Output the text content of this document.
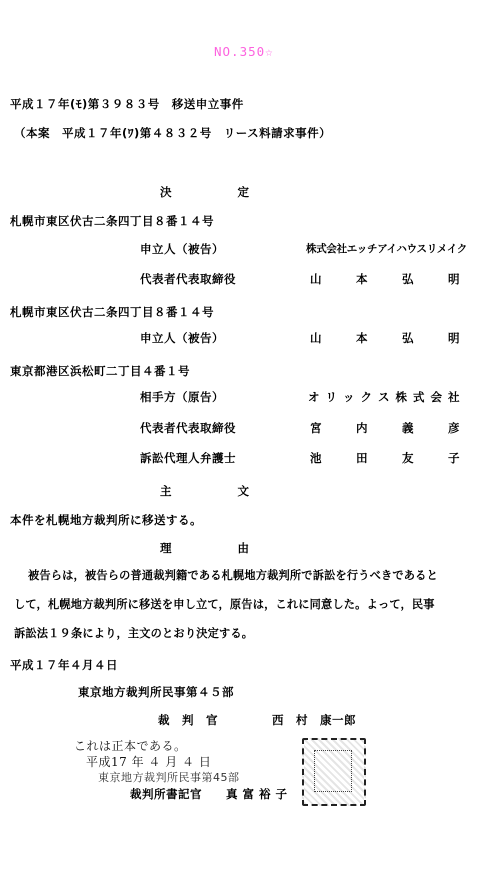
NO.350☆
平成１７年(ﾓ)第３９８３号　移送申立事件
（本案　平成１７年(ﾜ)第４８３２号　リース料請求事件）
決　　　　定
札幌市東区伏古二条四丁目８番１４号
申立人（被告）	株式会社エッチアイハウスリメイク
代表者代表取締役	山	本	弘	明
札幌市東区伏古二条四丁目８番１４号
申立人（被告）	山	本	弘	明
東京都港区浜松町二丁目４番１号
相手方（原告）	オ リ ッ ク ス 株 式 会 社
代表者代表取締役	宮	内	義	彦
訴訟代理人弁護士	池	田	友	子
主　　　　文
本件を札幌地方裁判所に移送する。
理　　　　由
被告らは，被告らの普通裁判籍である札幌地方裁判所で訴訟を行うべきであると
して，札幌地方裁判所に移送を申し立て，原告は，これに同意した。よって，民事
訴訟法１９条により，主文のとおり決定する。
平成１７年４月４日
東京地方裁判所民事第４５部
裁　判　官	西　村　康一郎
これは正本である。
平成17 年 ４ 月 ４ 日
東京地方裁判所民事第45部
裁判所書記官　　真 富 裕 子
